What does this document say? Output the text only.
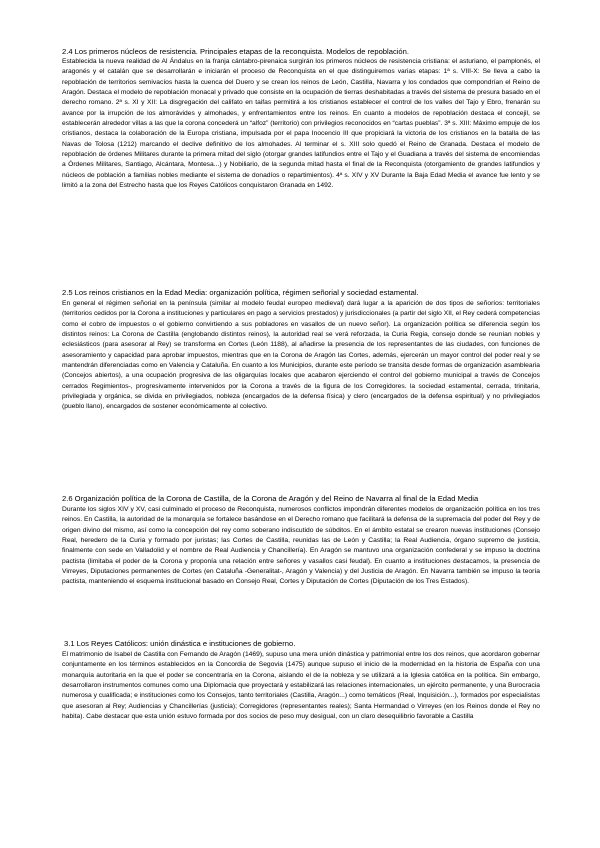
2.4 Los primeros núcleos de resistencia. Principales etapas de la reconquista. Modelos de repoblación.

Establecida la nueva realidad de Al Ándalus en la franja cántabro-pirenaica surgirán los primeros núcleos de resistencia cristiana: el asturiano, el pamplonés, el aragonés y el catalán que se desarrollarán e iniciarán el proceso de Reconquista en el que distinguiremos varias etapas: 1ª s. VIII-X: Se lleva a cabo la repoblación de territorios semivacíos hasta la cuenca del Duero y se crean los reinos de León, Castilla, Navarra y los condados que compondrían el Reino de Aragón. Destaca el modelo de repoblación monacal y privado que consiste en la ocupación de tierras deshabitadas a través del sistema de presura basado en el derecho romano. 2ª s. XI y XII: La disgregación del califato en taifas permitirá a los cristianos establecer el control de los valles del Tajo y Ebro, frenarán su avance por la irrupción de los almorávides y almohades, y enfrentamientos entre los reinos. En cuanto a modelos de repoblación destaca el concejil, se establecerán alrededor villas a las que la corona concederá un “alfoz” (territorio) con privilegios reconocidos en “cartas pueblas”. 3ª s. XIII: Máximo empuje de los cristianos, destaca la colaboración de la Europa cristiana, impulsada por el papa Inocencio III que propiciará la victoria de los cristianos en la batalla de las Navas de Tolosa (1212) marcando el declive definitivo de los almohades. Al terminar el s. XIII solo quedó el Reino de Granada. Destaca el modelo de repoblación de órdenes Militares durante la primera mitad del siglo (otorgar grandes latifundios entre el Tajo y el Guadiana a través del sistema de encomiendas a Órdenes Militares, Santiago, Alcántara, Montesa...) y Nobiliario, de la segunda mitad hasta el final de la Reconquista (otorgamiento de grandes latifundios y núcleos de población a familias nobles mediante el sistema de donadíos o repartimientos). 4ª s. XIV y XV Durante la Baja Edad Media el avance fue lento y se limitó a la zona del Estrecho hasta que los Reyes Católicos conquistaron Granada en 1492.

2.5 Los reinos cristianos en la Edad Media: organización política, régimen señorial y sociedad estamental.

En general el régimen señorial en la península (similar al modelo feudal europeo medieval) dará lugar a la aparición de dos tipos de señoríos: territoriales (territorios cedidos por la Corona a instituciones y particulares en pago a servicios prestados) y jurisdiccionales (a partir del siglo XII, el Rey cederá competencias como el cobro de impuestos o el gobierno convirtiendo a sus pobladores en vasallos de un nuevo señor). La organización política se diferencia según los distintos reinos: La Corona de Castilla (englobando distintos reinos), la autoridad real se verá reforzada, la Curia Regia, consejo donde se reunían nobles y eclesiásticos (para asesorar al Rey) se transforma en Cortes (León 1188), al añadirse la presencia de los representantes de las ciudades, con funciones de asesoramiento y capacidad para aprobar impuestos, mientras que en la Corona de Aragón las Cortes, además, ejercerán un mayor control del poder real y se mantendrán diferenciadas como en Valencia y Cataluña. En cuanto a los Municipios, durante este período se transita desde formas de organización asamblearia (Concejos abiertos), a una ocupación progresiva de las oligarquías locales que acabaron ejerciendo el control del gobierno municipal a través de Concejos cerrados Regimientos-, progresivamente intervenidos por la Corona a través de la figura de los Corregidores. la sociedad estamental, cerrada, trinitaria, privilegiada y orgánica, se divida en privilegiados, nobleza (encargados de la defensa física) y clero (encargados de la defensa espiritual) y no privilegiados (pueblo llano), encargados de sostener económicamente al colectivo.

2.6 Organización política de la Corona de Castilla, de la Corona de Aragón y del Reino de Navarra al final de la Edad Media

Durante los siglos XIV y XV, casi culminado el proceso de Reconquista, numerosos conflictos impondrán diferentes modelos de organización política en los tres reinos. En Castilla, la autoridad de la monarquía se fortalece basándose en el Derecho romano que facilitará la defensa de la supremacía del poder del Rey y de origen divino del mismo, así como la concepción del rey como soberano indiscutido de súbditos. En el ámbito estatal se crearon nuevas instituciones (Consejo Real, heredero de la Curia y formado por juristas; las Cortes de Castilla, reunidas las de León y Castilla; la Real Audiencia, órgano supremo de justicia, finalmente con sede en Valladolid y el nombre de Real Audiencia y Chancillería). En Aragón se mantuvo una organización confederal y se impuso la doctrina pactista (limitaba el poder de la Corona y proponía una relación entre señores y vasallos casi feudal). En cuanto a instituciones destacamos, la presencia de Virreyes, Diputaciones permanentes de Cortes (en Cataluña -Generalitat-, Aragón y Valencia) y del Justicia de Aragón. En Navarra también se impuso la teoría pactista, manteniendo el esquema institucional basado en Consejo Real, Cortes y Diputación de Cortes (Diputación de los Tres Estados).

3.1 Los Reyes Católicos: unión dinástica e instituciones de gobierno.

El matrimonio de Isabel de Castilla con Fernando de Aragón (1469), supuso una mera unión dinástica y patrimonial entre los dos reinos, que acordaron gobernar conjuntamente en los términos establecidos en la Concordia de Segovia (1475) aunque supuso el inicio de la modernidad en la historia de España con una monarquía autoritaria en la que el poder se concentraría en la Corona, aislando el de la nobleza y se utilizará a la Iglesia católica en la política. Sin embargo, desarrollaron instrumentos comunes como una Diplomacia que proyectará y estabilizará las relaciones internacionales, un ejército permanente, y una Burocracia numerosa y cualificada; e instituciones como los Consejos, tanto territoriales (Castilla, Aragón...) como temáticos (Real, Inquisición...), formados por especialistas que asesoran al Rey; Audiencias y Chancillerías (justicia); Corregidores (representantes reales); Santa Hermandad o Virreyes (en los Reinos donde el Rey no habita). Cabe destacar que esta unión estuvo formada por dos socios de peso muy desigual, con un claro desequilibrio favorable a Castilla
